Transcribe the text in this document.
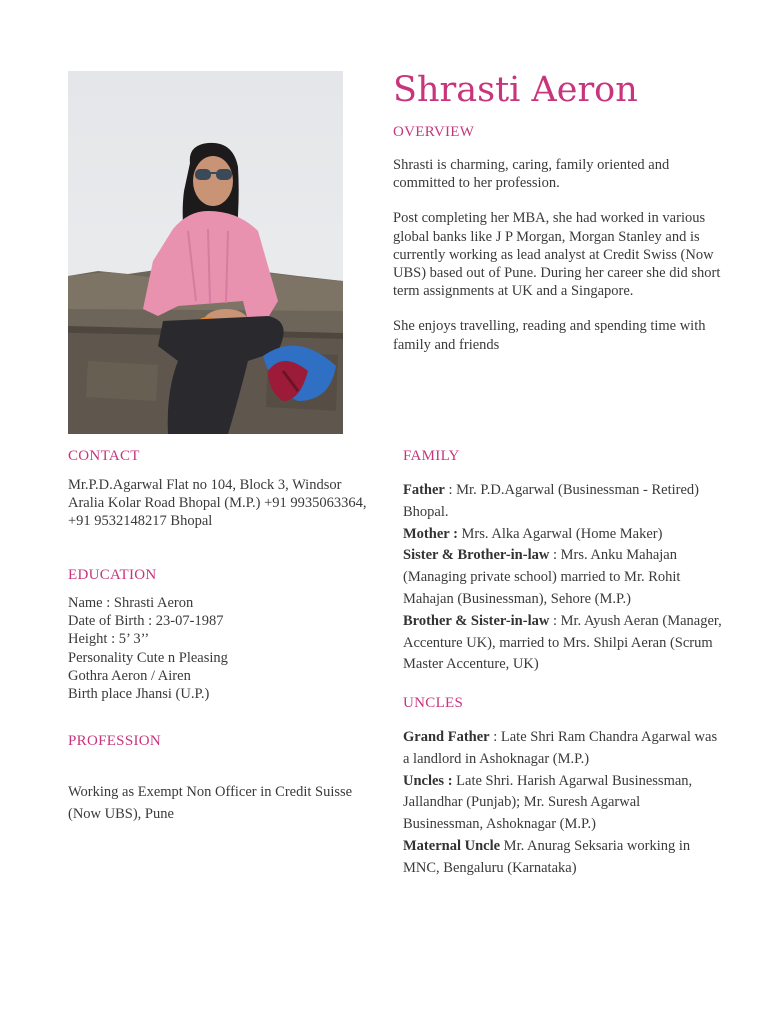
Shrasti Aeron
OVERVIEW

Shrasti is charming, caring, family oriented and committed to her profession.

Post completing her MBA, she had worked in various global banks like J P Morgan, Morgan Stanley and is currently working as lead analyst at Credit Swiss (Now UBS) based out of Pune. During her career she did short term assignments at UK and a Singapore.

She enjoys travelling, reading and spending time with family and friends

CONTACT
Mr.P.D.Agarwal Flat no 104, Block 3, Windsor Aralia Kolar Road Bhopal (M.P.) +91 9935063364, +91 9532148217 Bhopal
EDUCATION
Name : Shrasti Aeron
Date of Birth : 23-07-1987
Height : 5’ 3’’
Personality Cute n Pleasing
Gothra Aeron / Airen
Birth place Jhansi (U.P.)
PROFESSION
Working as Exempt Non Officer in Credit Suisse (Now UBS), Pune
FAMILY
Father : Mr. P.D.Agarwal (Businessman - Retired) Bhopal.
Mother : Mrs. Alka Agarwal (Home Maker)
Sister & Brother-in-law : Mrs. Anku Mahajan (Managing private school) married to Mr. Rohit Mahajan (Businessman), Sehore (M.P.)
Brother & Sister-in-law : Mr. Ayush Aeran (Manager, Accenture UK), married to Mrs. Shilpi Aeran (Scrum Master Accenture, UK)
UNCLES
Grand Father : Late Shri Ram Chandra Agarwal was a landlord in Ashoknagar (M.P.)
Uncles : Late Shri. Harish Agarwal Businessman, Jallandhar (Punjab); Mr. Suresh Agarwal Businessman, Ashoknagar (M.P.)
Maternal Uncle Mr. Anurag Seksaria working in MNC, Bengaluru (Karnataka)
